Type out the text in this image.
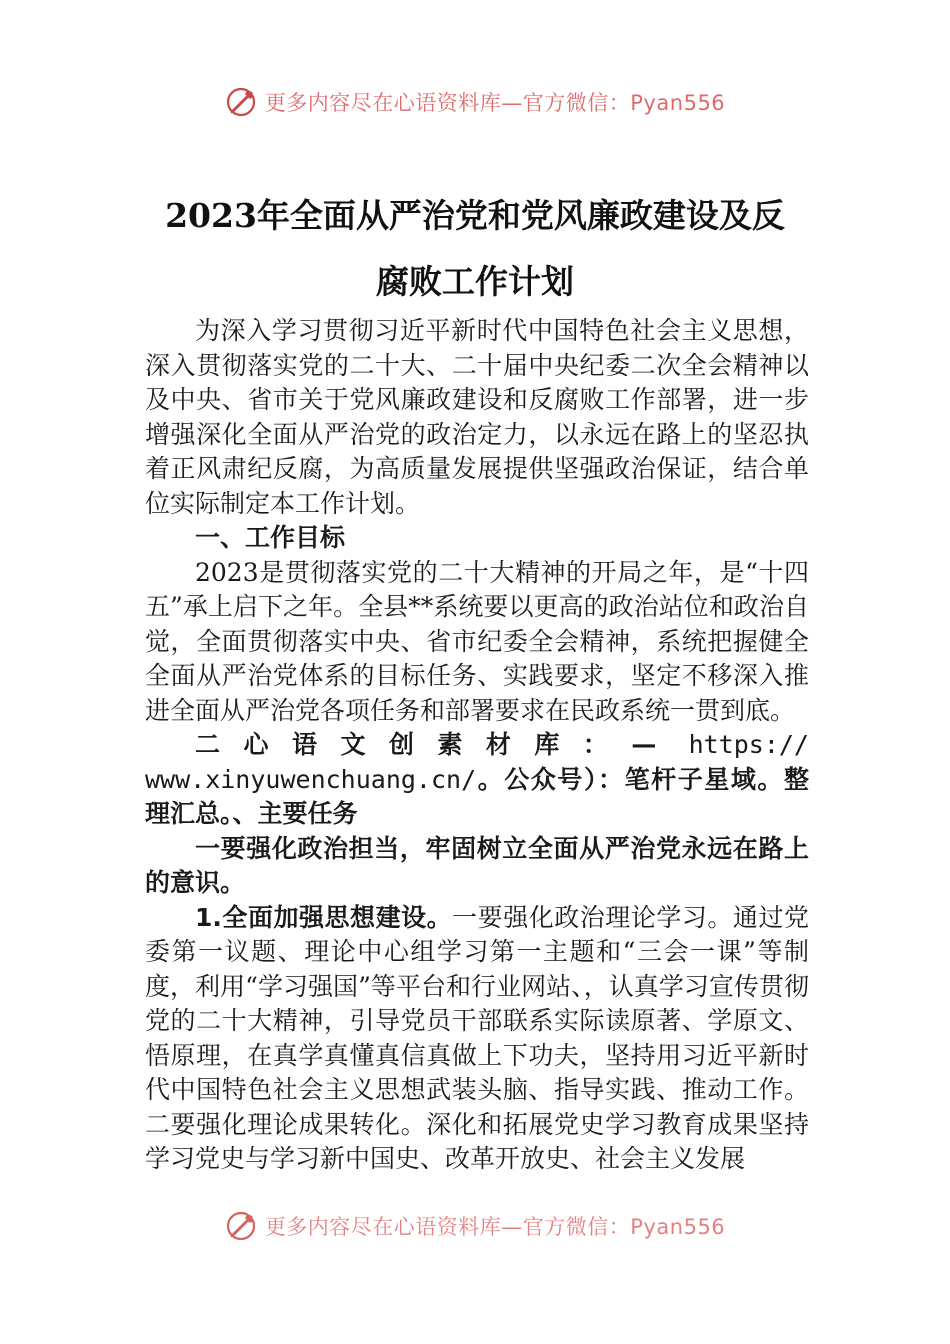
更多内容尽在心语资料库—官方微信：Pyan556
2023年全面从严治党和党风廉政建设及反
腐败工作计划

为深入学习贯彻习近平新时代中国特色社会主义思想，深入贯彻落实党的二十大、二十届中央纪委二次全会精神以及中央、省市关于党风廉政建设和反腐败工作部署，进一步增强深化全面从严治党的政治定力，以永远在路上的坚忍执着正风肃纪反腐，为高质量发展提供坚强政治保证，结合单位实际制定本工作计划。

一、工作目标

2023是贯彻落实党的二十大精神的开局之年，是“十四五”承上启下之年。全县**系统要以更高的政治站位和政治自觉，全面贯彻落实中央、省市纪委全会精神，系统把握健全全面从严治党体系的目标任务、实践要求，坚定不移深入推进全面从严治党各项任务和部署要求在民政系统一贯到底。

二心语文创素材库：— https://

www.xinyuwenchuang.cn/。公众号）：笔杆子星域。整理汇总。、主要任务

一要强化政治担当，牢固树立全面从严治党永远在路上的意识。

1.全面加强思想建设。一要强化政治理论学习。通过党委第一议题、理论中心组学习第一主题和“三会一课”等制度，利用“学习强国”等平台和行业网站、，认真学习宣传贯彻党的二十大精神，引导党员干部联系实际读原著、学原文、悟原理，在真学真懂真信真做上下功夫，坚持用习近平新时代中国特色社会主义思想武装头脑、指导实践、推动工作。二要强化理论成果转化。深化和拓展党史学习教育成果坚持学习党史与学习新中国史、改革开放史、社会主义发展

更多内容尽在心语资料库—官方微信：Pyan556
